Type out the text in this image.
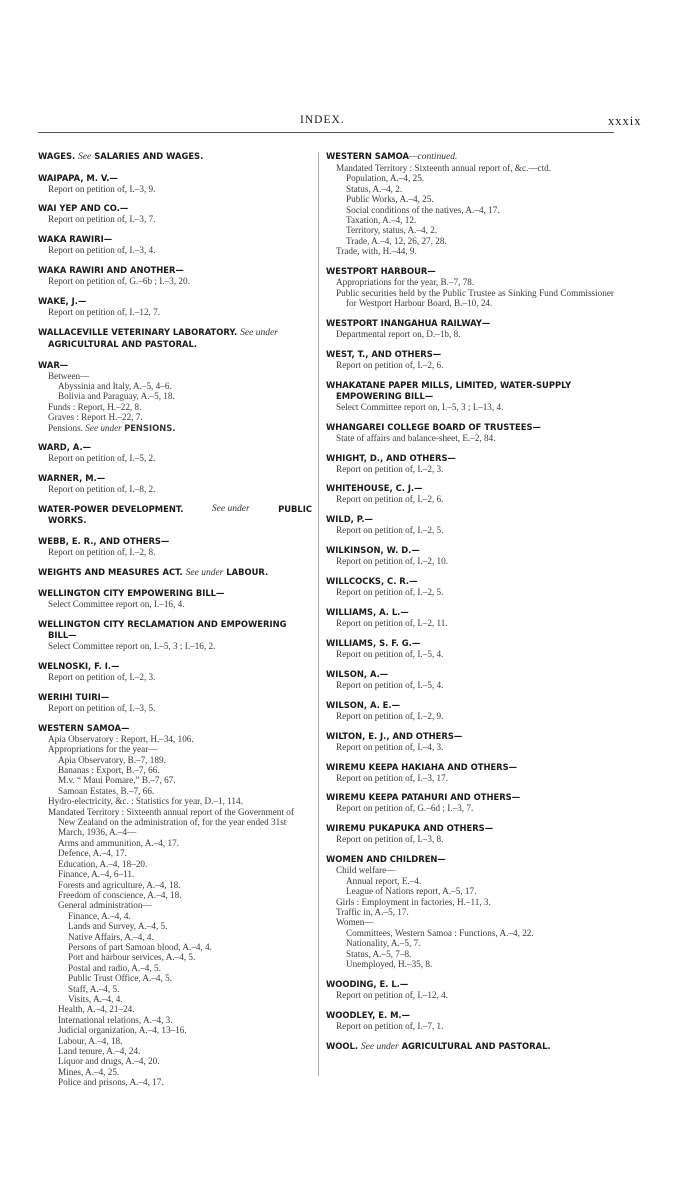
INDEX.	xxxix
WAGES. See SALARIES AND WAGES.
WAIPAPA, M. V.—
Report on petition of, I.–3, 9.
WAI YEP AND CO.—
Report on petition of, I.–3, 7.
WAKA RAWIRI—
Report on petition of, I.–3, 4.
WAKA RAWIRI AND ANOTHER—
Report on petition of, G.–6b ; I.–3, 20.
WAKE, J.—
Report on petition of, I.–12, 7.
WALLACEVILLE VETERINARY LABORATORY. See under
AGRICULTURAL AND PASTORAL.
WAR—
Between—
Abyssinia and Italy, A.–5, 4–6.
Bolivia and Paraguay, A.–5, 18.
Funds : Report, H.–22, 8.
Graves : Report H.–22, 7.
Pensions. See under PENSIONS.
WARD, A.—
Report on petition of, I.–5, 2.
WARNER, M.—
Report on petition of, I.–8, 2.
WATER-POWER DEVELOPMENT.	See under	PUBLIC
WORKS.
WEBB, E. R., AND OTHERS—
Report on petition of, I.–2, 8.
WEIGHTS AND MEASURES ACT. See under LABOUR.
WELLINGTON CITY EMPOWERING BILL—
Select Committee report on, I.–16, 4.
WELLINGTON CITY RECLAMATION AND EMPOWERING
BILL—
Select Committee report on, I.–5, 3 ; I.–16, 2.
WELNOSKI, F. I.—
Report on petition of, I.–2, 3.
WERIHI TUIRI—
Report on petition of, I.–3, 5.
WESTERN SAMOA—
Apia Observatory : Report, H.–34, 106.
Appropriations for the year—
Apia Observatory, B.–7, 189.
Bananas : Export, B.–7, 66.
M.v. “ Maui Pomare,” B.–7, 67.
Samoan Estates, B.–7, 66.
Hydro-electricity, &c. : Statistics for year, D.–1, 114.
Mandated Territory : Sixteenth annual report of the Government of New Zealand on the administration of, for the year ended 31st March, 1936, A.–4—
Arms and ammunition, A.–4, 17.
Defence, A.–4, 17.
Education, A.–4, 18–20.
Finance, A.–4, 6–11.
Forests and agriculture, A.–4, 18.
Freedom of conscience, A.–4, 18.
General administration—
Finance, A.–4, 4.
Lands and Survey, A.–4, 5.
Native Affairs, A.–4, 4.
Persons of part Samoan blood, A.–4, 4.
Port and harbour services, A.–4, 5.
Postal and radio, A.–4, 5.
Public Trust Office, A.–4, 5.
Staff, A.–4, 5.
Visits, A.–4, 4.
Health, A.–4, 21–24.
International relations, A.–4, 3.
Judicial organization, A.–4, 13–16.
Labour, A.–4, 18.
Land tenure, A.–4, 24.
Liquor and drugs, A.–4, 20.
Mines, A.–4, 25.
Police and prisons, A.–4, 17.
WESTERN SAMOA—continued.
Mandated Territory : Sixteenth annual report of, &c.—ctd.
Population, A.–4, 25.
Status, A.–4, 2.
Public Works, A.–4, 25.
Social conditions of the natives, A.–4, 17.
Taxation, A.–4, 12.
Territory, status, A.–4, 2.
Trade, A.–4, 12, 26, 27, 28.
Trade, with, H.–44, 9.
WESTPORT HARBOUR—
Appropriations for the year, B.–7, 78.
Public securities held by the Public Trustee as Sinking Fund Commissioner for Westport Harbour Board, B.–10, 24.
WESTPORT INANGAHUA RAILWAY—
Departmental report on, D.–1b, 8.
WEST, T., AND OTHERS—
Report on petition of, I.–2, 6.
WHAKATANE PAPER MILLS, LIMITED, WATER-SUPPLY
EMPOWERING BILL—
Select Committee report on, I.–5, 3 ; I.–13, 4.
WHANGAREI COLLEGE BOARD OF TRUSTEES—
State of affairs and balance-sheet, E.–2, 84.
WHIGHT, D., AND OTHERS—
Report on petition of, I.–2, 3.
WHITEHOUSE, C. J.—
Report on petition of, I.–2, 6.
WILD, P.—
Report on petition of, I.–2, 5.
WILKINSON, W. D.—
Report on petition of, I.–2, 10.
WILLCOCKS, C. R.—
Report on petition of, I.–2, 5.
WILLIAMS, A. L.—
Report on petition of, I.–2, 11.
WILLIAMS, S. F. G.—
Report on petition of, I.–5, 4.
WILSON, A.—
Report on petition of, I.–5, 4.
WILSON, A. E.—
Report on petition of, I.–2, 9.
WILTON, E. J., AND OTHERS—
Report on petition of, I.–4, 3.
WIREMU KEEPA HAKIAHA AND OTHERS—
Report on petition of, I.–3, 17.
WIREMU KEEPA PATAHURI AND OTHERS—
Report on petition of, G.–6d ; I.–3, 7.
WIREMU PUKAPUKA AND OTHERS—
Report on petition of, I.–3, 8.
WOMEN AND CHILDREN—
Child welfare—
Annual report, E.–4.
League of Nations report, A.–5, 17.
Girls : Employment in factories, H.–11, 3.
Traffic in, A.–5, 17.
Women—
Committees, Western Samoa : Functions, A.–4, 22.
Nationality, A.–5, 7.
Status, A.–5, 7–8.
Unemployed, H.–35, 8.
WOODING, E. L.—
Report on petition of, I.–12, 4.
WOODLEY, E. M.—
Report on petition of, I.–7, 1.
WOOL. See under AGRICULTURAL AND PASTORAL.
